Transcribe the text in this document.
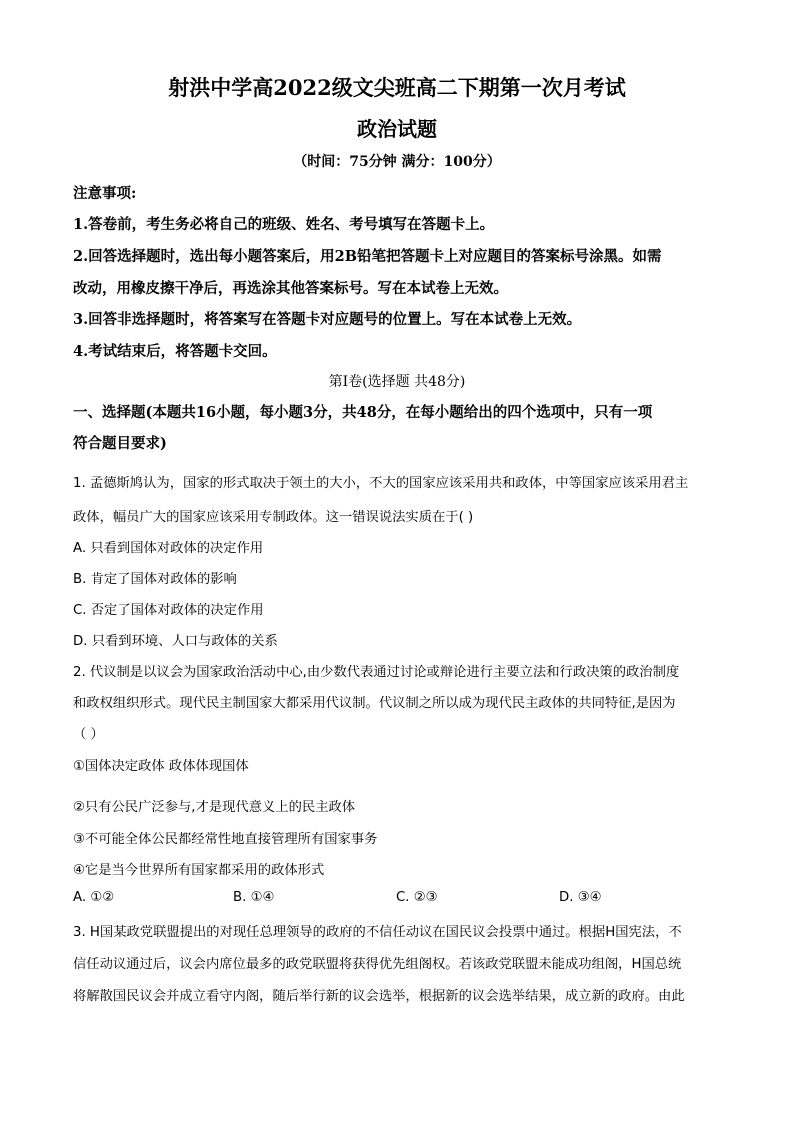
射洪中学高2022级文尖班高二下期第一次月考试
政治试题
（时间：75分钟 满分：100分）
注意事项:
1.答卷前，考生务必将自己的班级、姓名、考号填写在答题卡上。
2.回答选择题时，选出每小题答案后，用2B铅笔把答题卡上对应题目的答案标号涂黑。如需
改动，用橡皮擦干净后，再选涂其他答案标号。写在本试卷上无效。
3.回答非选择题时，将答案写在答题卡对应题号的位置上。写在本试卷上无效。
4.考试结束后，将答题卡交回。
第Ⅰ卷(选择题 共48分)
一、选择题(本题共16小题，每小题3分，共48分，在每小题给出的四个选项中，只有一项
符合题目要求)
1. 孟德斯鸠认为，国家的形式取决于领土的大小，不大的国家应该采用共和政体，中等国家应该采用君主
政体，幅员广大的国家应该采用专制政体。这一错误说法实质在于( )
A. 只看到国体对政体的决定作用
B. 肯定了国体对政体的影响
C. 否定了国体对政体的决定作用
D. 只看到环境、人口与政体的关系
2. 代议制是以议会为国家政治活动中心,由少数代表通过讨论或辩论进行主要立法和行政决策的政治制度
和政权组织形式。现代民主制国家大都采用代议制。代议制之所以成为现代民主政体的共同特征,是因为
（ ）
①国体决定政体 政体体现国体
②只有公民广泛参与,才是现代意义上的民主政体
③不可能全体公民都经常性地直接管理所有国家事务
④它是当今世界所有国家都采用的政体形式
A. ①②	B. ①④	C. ②③	D. ③④
3. H国某政党联盟提出的对现任总理领导的政府的不信任动议在国民议会投票中通过。根据H国宪法，不
信任动议通过后，议会内席位最多的政党联盟将获得优先组阁权。若该政党联盟未能成功组阁，H国总统
将解散国民议会并成立看守内阁，随后举行新的议会选举，根据新的议会选举结果，成立新的政府。由此
